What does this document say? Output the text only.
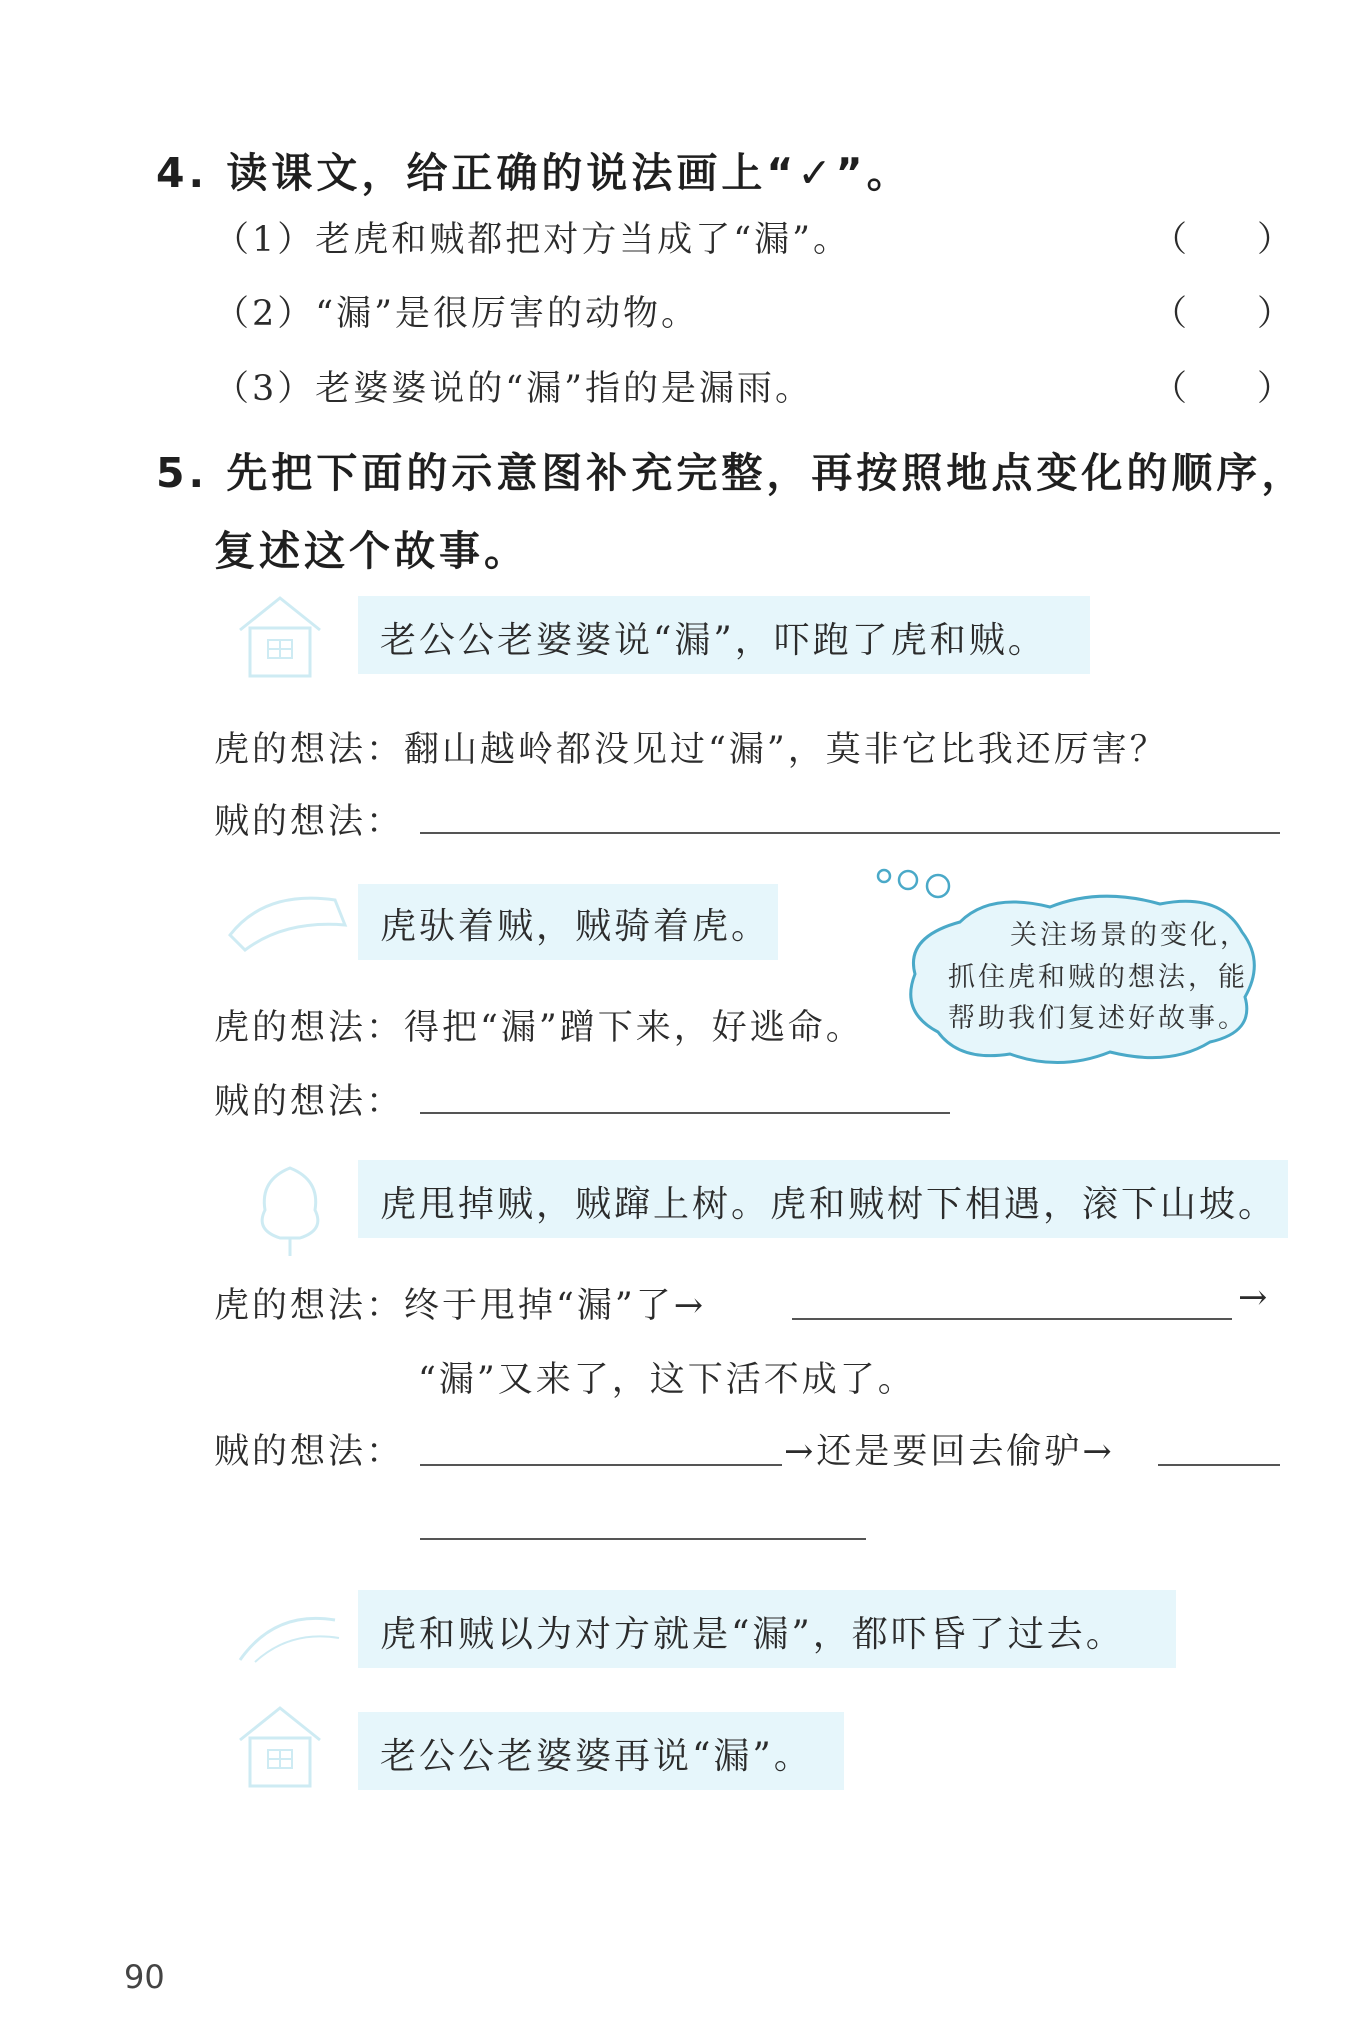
4. 读课文，给正确的说法画上“✓”。
（1）老虎和贼都把对方当成了“漏”。	（　　）
（2）“漏”是很厉害的动物。	（　　）
（3）老婆婆说的“漏”指的是漏雨。	（　　）
5. 先把下面的示意图补充完整，再按照地点变化的顺序，
复述这个故事。
老公公老婆婆说“漏”，吓跑了虎和贼。
虎的想法：翻山越岭都没见过“漏”，莫非它比我还厉害？
贼的想法：
虎驮着贼，贼骑着虎。	关注场景的变化，
抓住虎和贼的想法，能
帮助我们复述好故事。
虎的想法：得把“漏”蹭下来，好逃命。
贼的想法：
虎甩掉贼，贼蹿上树。虎和贼树下相遇，滚下山坡。
虎的想法：终于甩掉“漏”了→	→
“漏”又来了，这下活不成了。
贼的想法：	→还是要回去偷驴→
虎和贼以为对方就是“漏”，都吓昏了过去。
老公公老婆婆再说“漏”。
90
